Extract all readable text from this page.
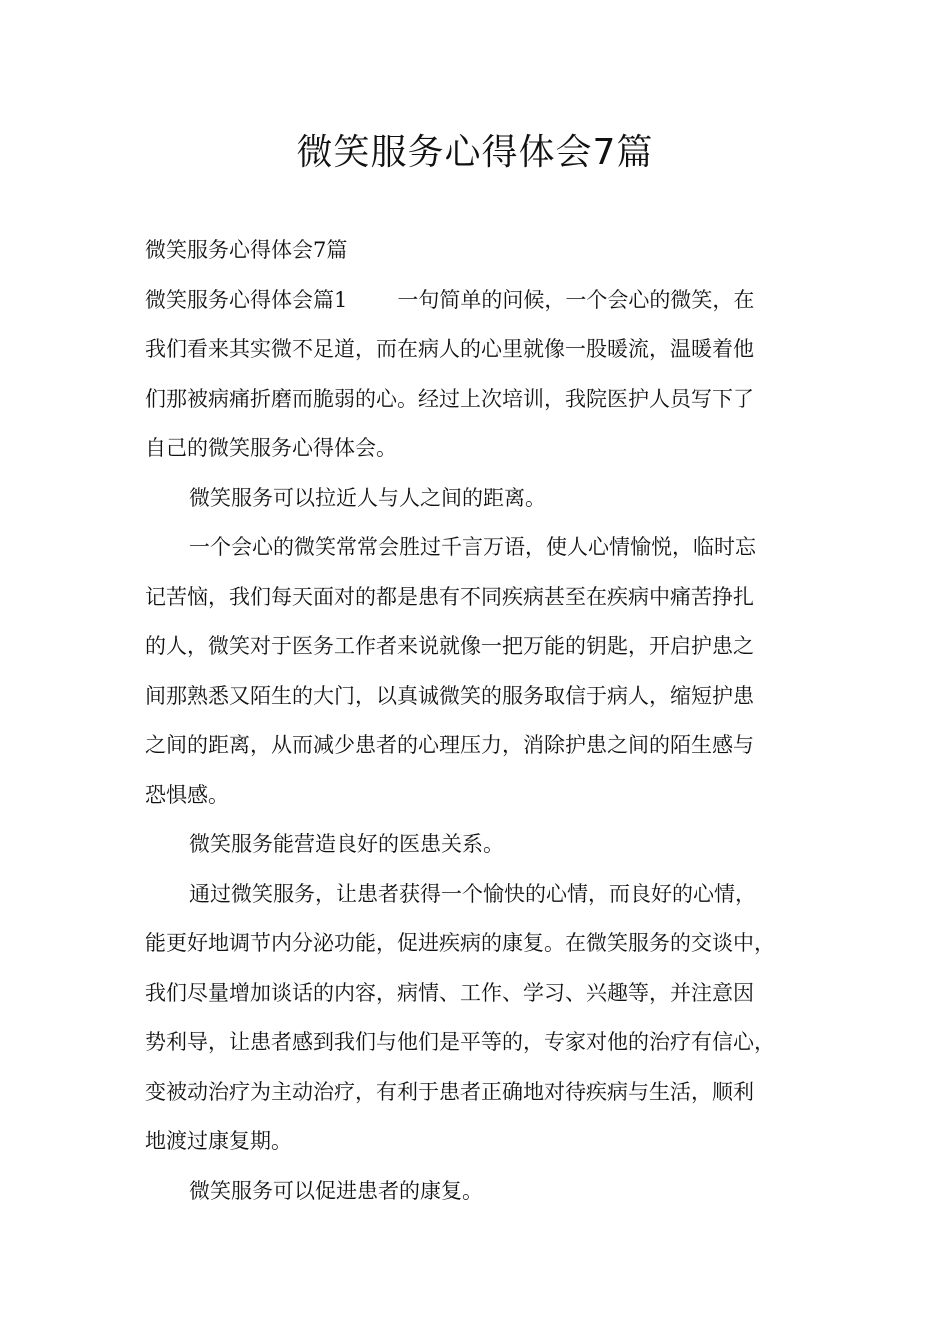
微笑服务心得体会7篇

微笑服务心得体会7篇

微笑服务心得体会篇1 一句简单的问候，一个会心的微笑，在

我们看来其实微不足道，而在病人的心里就像一股暖流，温暖着他

们那被病痛折磨而脆弱的心。经过上次培训，我院医护人员写下了

自己的微笑服务心得体会。

微笑服务可以拉近人与人之间的距离。

一个会心的微笑常常会胜过千言万语，使人心情愉悦，临时忘

记苦恼，我们每天面对的都是患有不同疾病甚至在疾病中痛苦挣扎

的人，微笑对于医务工作者来说就像一把万能的钥匙，开启护患之

间那熟悉又陌生的大门，以真诚微笑的服务取信于病人，缩短护患

之间的距离，从而减少患者的心理压力，消除护患之间的陌生感与

恐惧感。

微笑服务能营造良好的医患关系。

通过微笑服务，让患者获得一个愉快的心情，而良好的心情，

能更好地调节内分泌功能，促进疾病的康复。在微笑服务的交谈中，

我们尽量增加谈话的内容，病情、工作、学习、兴趣等，并注意因

势利导，让患者感到我们与他们是平等的，专家对他的治疗有信心，

变被动治疗为主动治疗，有利于患者正确地对待疾病与生活，顺利

地渡过康复期。

微笑服务可以促进患者的康复。
